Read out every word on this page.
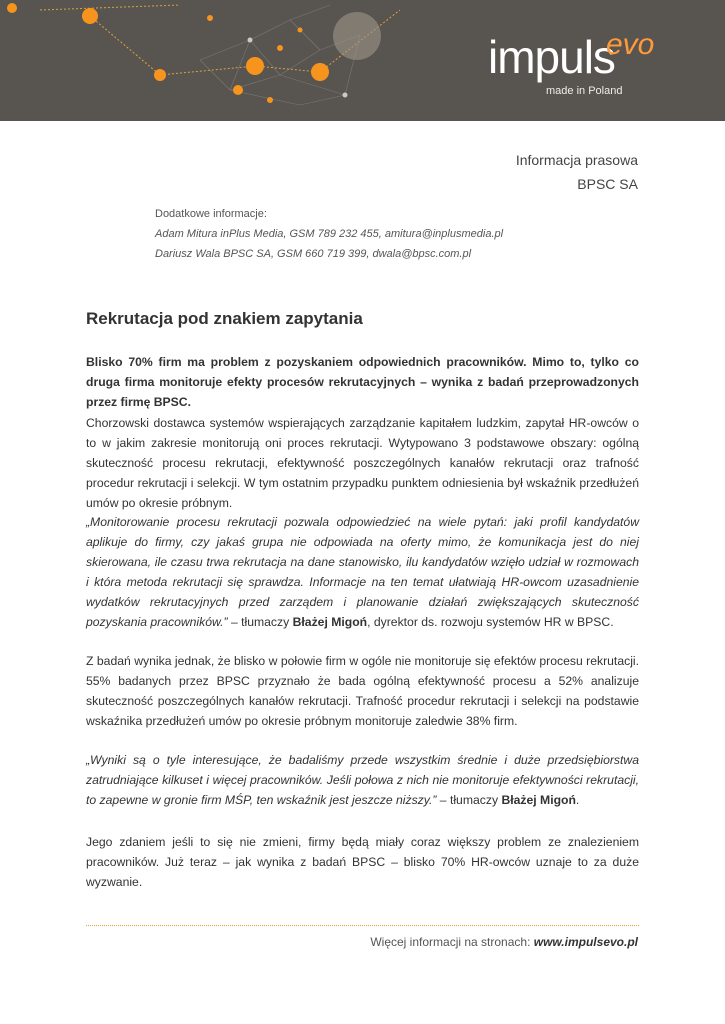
impuls
evo
made in Poland
Informacja prasowa
BPSC SA
Dodatkowe informacje:
Adam Mitura inPlus Media, GSM 789 232 455, amitura@inplusmedia.pl
Dariusz Wala BPSC SA, GSM 660 719 399, dwala@bpsc.com.pl
Rekrutacja pod znakiem zapytania
Blisko 70% firm ma problem z pozyskaniem odpowiednich pracowników. Mimo to, tylko co druga firma monitoruje efekty procesów rekrutacyjnych – wynika z badań przeprowadzonych przez firmę BPSC.
Chorzowski dostawca systemów wspierających zarządzanie kapitałem ludzkim, zapytał HR-owców o to w jakim zakresie monitorują oni proces rekrutacji. Wytypowano 3 podstawowe obszary: ogólną skuteczność procesu rekrutacji, efektywność poszczególnych kanałów rekrutacji oraz trafność procedur rekrutacji i selekcji. W tym ostatnim przypadku punktem odniesienia był wskaźnik przedłużeń umów po okresie próbnym.
„Monitorowanie procesu rekrutacji pozwala odpowiedzieć na wiele pytań: jaki profil kandydatów aplikuje do firmy, czy jakaś grupa nie odpowiada na oferty mimo, że komunikacja jest do niej skierowana, ile czasu trwa rekrutacja na dane stanowisko, ilu kandydatów wzięło udział w rozmowach i która metoda rekrutacji się sprawdza. Informacje na ten temat ułatwiają HR-owcom uzasadnienie wydatków rekrutacyjnych przed zarządem i planowanie działań zwiększających skuteczność pozyskania pracowników.” – tłumaczy Błażej Migoń, dyrektor ds. rozwoju systemów HR w BPSC.
Z badań wynika jednak, że blisko w połowie firm w ogóle nie monitoruje się efektów procesu rekrutacji. 55% badanych przez BPSC przyznało że bada ogólną efektywność procesu a 52% analizuje skuteczność poszczególnych kanałów rekrutacji. Trafność procedur rekrutacji i selekcji na podstawie wskaźnika przedłużeń umów po okresie próbnym monitoruje zaledwie 38% firm.
„Wyniki są o tyle interesujące, że badaliśmy przede wszystkim średnie i duże przedsiębiorstwa zatrudniające kilkuset i więcej pracowników. Jeśli połowa z nich nie monitoruje efektywności rekrutacji, to zapewne w gronie firm MŚP, ten wskaźnik jest jeszcze niższy.” – tłumaczy Błażej Migoń.
Jego zdaniem jeśli to się nie zmieni, firmy będą miały coraz większy problem ze znalezieniem pracowników. Już teraz – jak wynika z badań BPSC – blisko 70% HR-owców uznaje to za duże wyzwanie.
Więcej informacji na stronach: www.impulsevo.pl
